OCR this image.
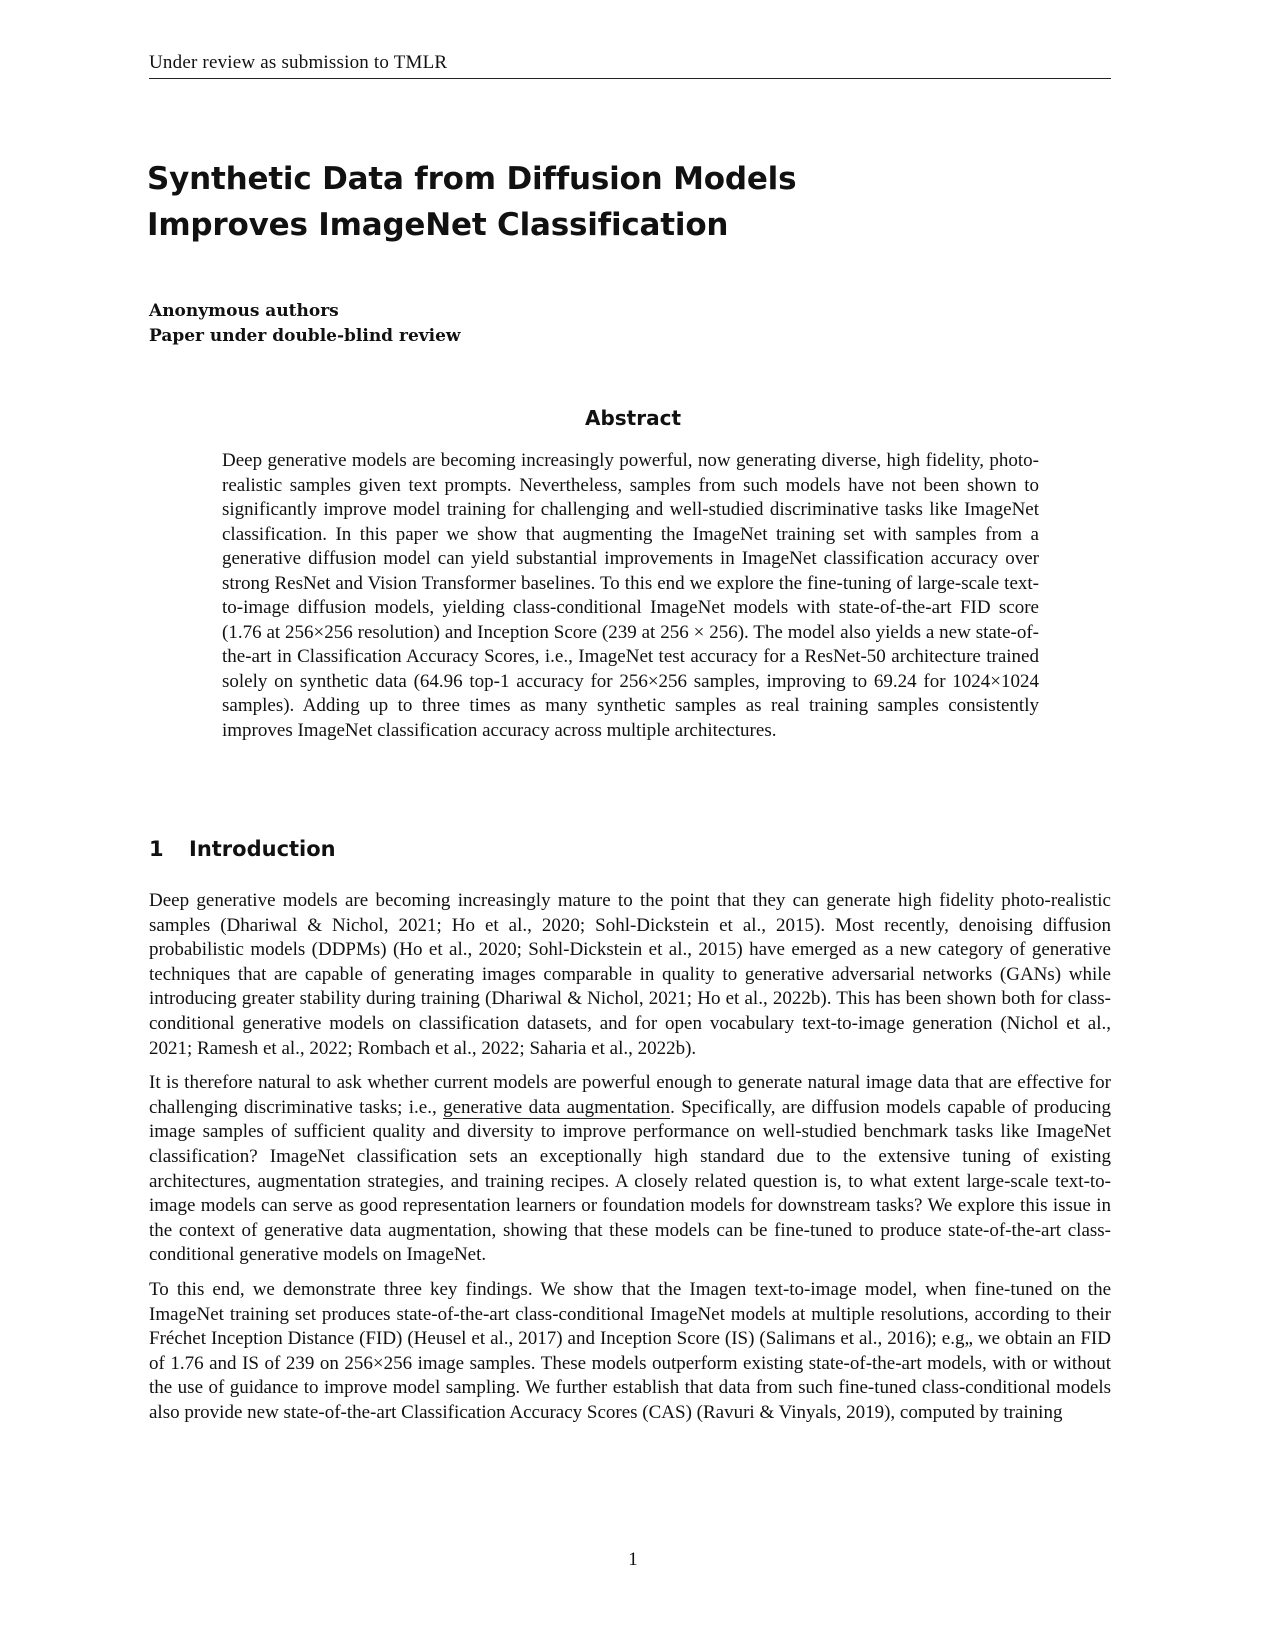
Under review as submission to TMLR
Synthetic Data from Diffusion Models
Improves ImageNet Classification
Anonymous authors
Paper under double-blind review
Abstract
Deep generative models are becoming increasingly powerful, now generating diverse, high fidelity, photo-realistic samples given text prompts. Nevertheless, samples from such models have not been shown to significantly improve model training for challenging and well-studied discriminative tasks like ImageNet classification. In this paper we show that augmenting the ImageNet training set with samples from a generative diffusion model can yield substantial improvements in ImageNet classification accuracy over strong ResNet and Vision Transformer baselines. To this end we explore the fine-tuning of large-scale text-to-image diffusion models, yielding class-conditional ImageNet models with state-of-the-art FID score (1.76 at 256×256 resolution) and Inception Score (239 at 256 × 256). The model also yields a new state-of-the-art in Classification Accuracy Scores, i.e., ImageNet test accuracy for a ResNet-50 architecture trained solely on synthetic data (64.96 top-1 accuracy for 256×256 samples, improving to 69.24 for 1024×1024 samples). Adding up to three times as many synthetic samples as real training samples consistently improves ImageNet classification accuracy across multiple architectures.
1 Introduction

Deep generative models are becoming increasingly mature to the point that they can generate high fidelity photo-realistic samples (Dhariwal & Nichol, 2021; Ho et al., 2020; Sohl-Dickstein et al., 2015). Most recently, denoising diffusion probabilistic models (DDPMs) (Ho et al., 2020; Sohl-Dickstein et al., 2015) have emerged as a new category of generative techniques that are capable of generating images comparable in quality to generative adversarial networks (GANs) while introducing greater stability during training (Dhariwal & Nichol, 2021; Ho et al., 2022b). This has been shown both for class-conditional generative models on classification datasets, and for open vocabulary text-to-image generation (Nichol et al., 2021; Ramesh et al., 2022; Rombach et al., 2022; Saharia et al., 2022b).

It is therefore natural to ask whether current models are powerful enough to generate natural image data that are effective for challenging discriminative tasks; i.e., generative data augmentation. Specifically, are diffusion models capable of producing image samples of sufficient quality and diversity to improve performance on well-studied benchmark tasks like ImageNet classification? ImageNet classification sets an exceptionally high standard due to the extensive tuning of existing architectures, augmentation strategies, and training recipes. A closely related question is, to what extent large-scale text-to-image models can serve as good representation learners or foundation models for downstream tasks? We explore this issue in the context of generative data augmentation, showing that these models can be fine-tuned to produce state-of-the-art class-conditional generative models on ImageNet.

To this end, we demonstrate three key findings. We show that the Imagen text-to-image model, when fine-tuned on the ImageNet training set produces state-of-the-art class-conditional ImageNet models at multiple resolutions, according to their Fréchet Inception Distance (FID) (Heusel et al., 2017) and Inception Score (IS) (Salimans et al., 2016); e.g„ we obtain an FID of 1.76 and IS of 239 on 256×256 image samples. These models outperform existing state-of-the-art models, with or without the use of guidance to improve model sampling. We further establish that data from such fine-tuned class-conditional models also provide new state-of-the-art Classification Accuracy Scores (CAS) (Ravuri & Vinyals, 2019), computed by training

1
